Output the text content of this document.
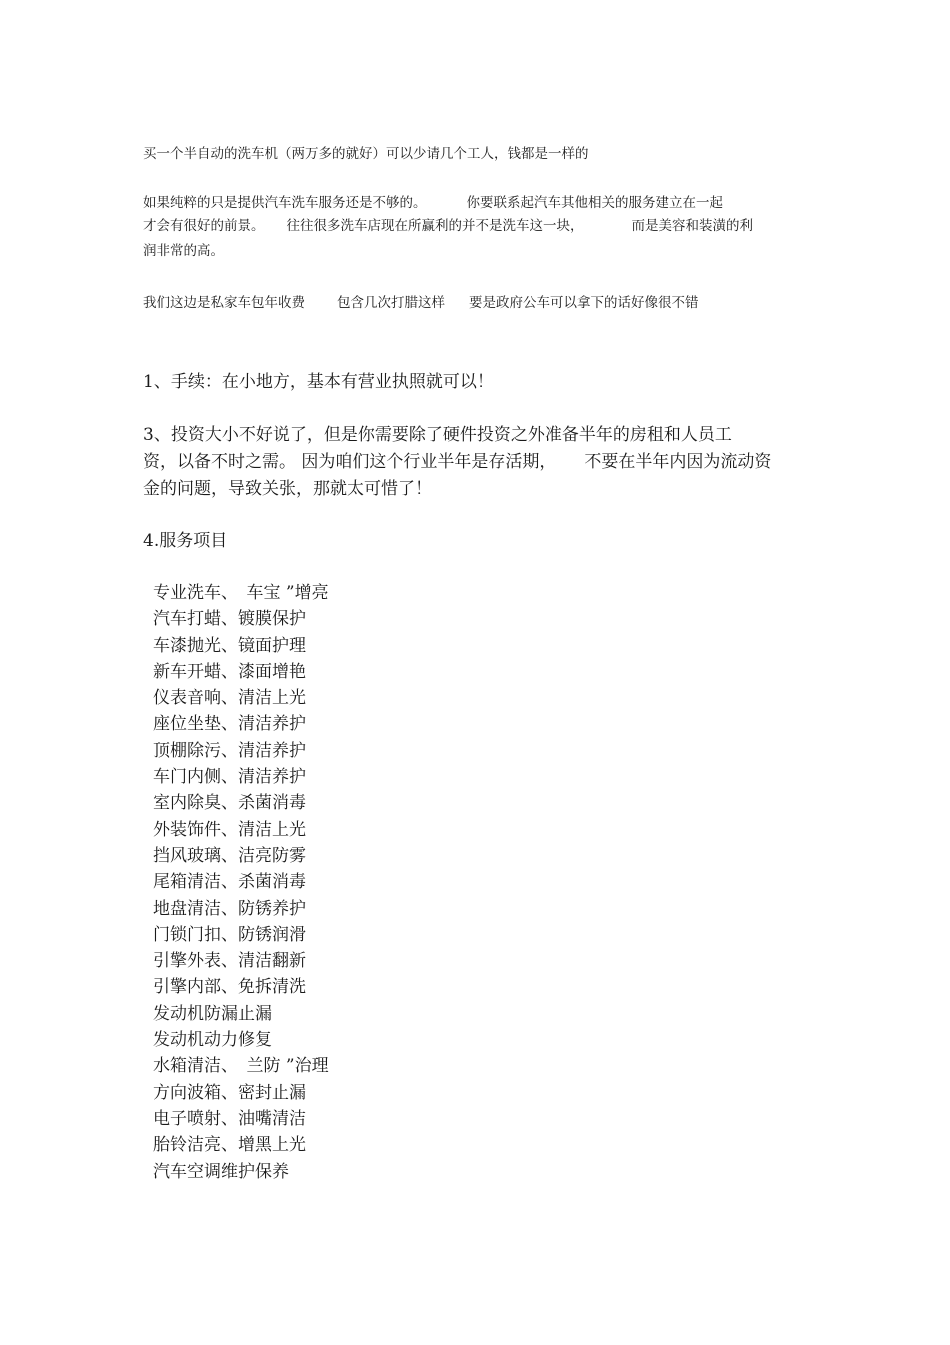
买一个半自动的洗车机（两万多的就好）可以少请几个工人，钱都是一样的

如果纯粹的只是提供汽车洗车服务还是不够的。	你要联系起汽车其他相关的服务建立在一起

才会有很好的前景。 往往很多洗车店现在所赢利的并不是洗车这一块，	而是美容和装潢的利

润非常的高。

我们这边是私家车包年收费 包含几次打腊这样 要是政府公车可以拿下的话好像很不错

1、手续：在小地方，基本有营业执照就可以！

3、投资大小不好说了，但是你需要除了硬件投资之外准备半年的房租和人员工

资，以备不时之需。 因为咱们这个行业半年是存活期， 不要在半年内因为流动资

金的问题，导致关张，那就太可惜了！

4.服务项目

专业洗车、　车宝 ”增亮
汽车打蜡、镀膜保护
车漆抛光、镜面护理
新车开蜡、漆面增艳
仪表音响、清洁上光
座位坐垫、清洁养护
顶棚除污、清洁养护
车门内侧、清洁养护
室内除臭、杀菌消毒
外装饰件、清洁上光
挡风玻璃、洁亮防雾
尾箱清洁、杀菌消毒
地盘清洁、防锈养护
门锁门扣、防锈润滑
引擎外表、清洁翻新
引擎内部、免拆清洗
发动机防漏止漏
发动机动力修复
水箱清洁、　兰防 ”治理
方向波箱、密封止漏
电子喷射、油嘴清洁
胎铃洁亮、增黑上光
汽车空调维护保养
